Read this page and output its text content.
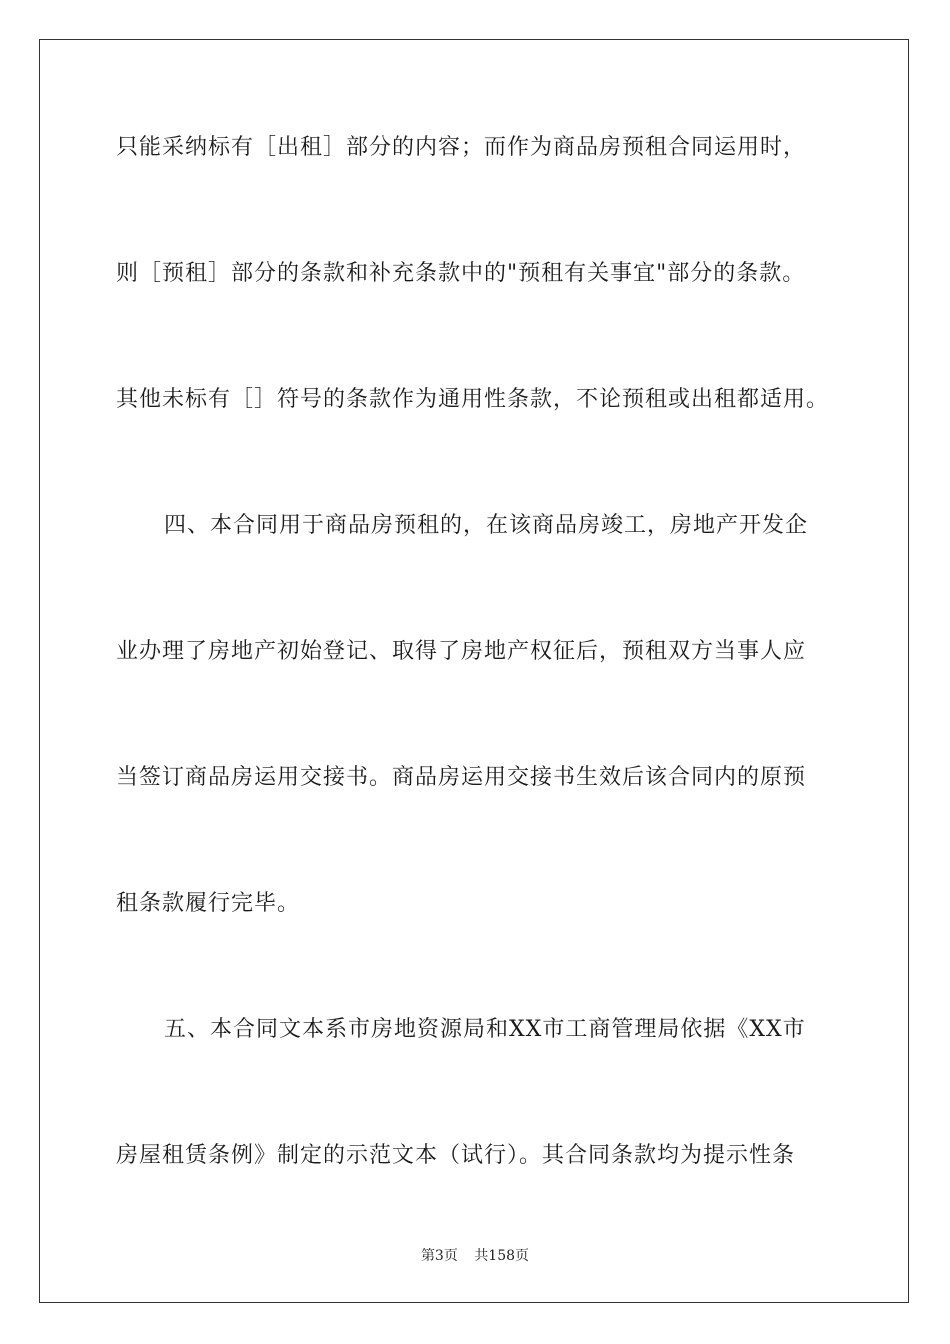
只能采纳标有［出租］部分的内容；而作为商品房预租合同运用时，
则［预租］部分的条款和补充条款中的"预租有关事宜"部分的条款。
其他未标有［］符号的条款作为通用性条款，不论预租或出租都适用。
四、本合同用于商品房预租的，在该商品房竣工，房地产开发企
业办理了房地产初始登记、取得了房地产权征后，预租双方当事人应
当签订商品房运用交接书。商品房运用交接书生效后该合同内的原预
租条款履行完毕。
五、本合同文本系市房地资源局和XX市工商管理局依据《XX市
房屋租赁条例》制定的示范文本（试行）。其合同条款均为提示性条
第3页 共158页
